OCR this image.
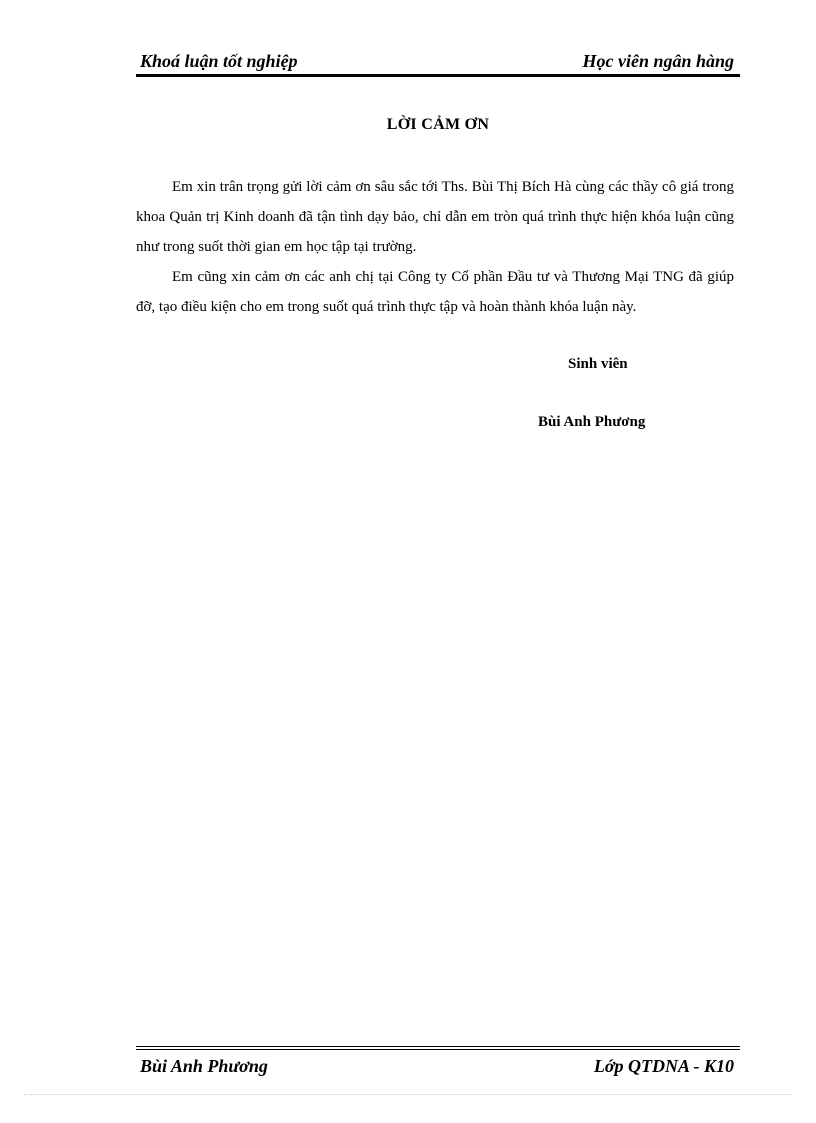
Khoá luận tốt nghiệp	Học viên ngân hàng
LỜI CẢM ƠN

Em xin trân trọng gửi lời cảm ơn sâu sắc tới Ths. Bùi Thị Bích Hà cùng các thầy cô giá trong khoa Quản trị Kinh doanh đã tận tình dạy bảo, chỉ dẫn em tròn quá trình thực hiện khóa luận cũng như trong suốt thời gian em học tập tại trường.

Em cũng xin cảm ơn các anh chị tại Công ty Cổ phần Đầu tư và Thương Mại TNG đã giúp đỡ, tạo điều kiện cho em trong suốt quá trình thực tập và hoàn thành khóa luận này.

Sinh viên
Bùi Anh Phương
Bùi Anh Phương	Lớp QTDNA - K10
